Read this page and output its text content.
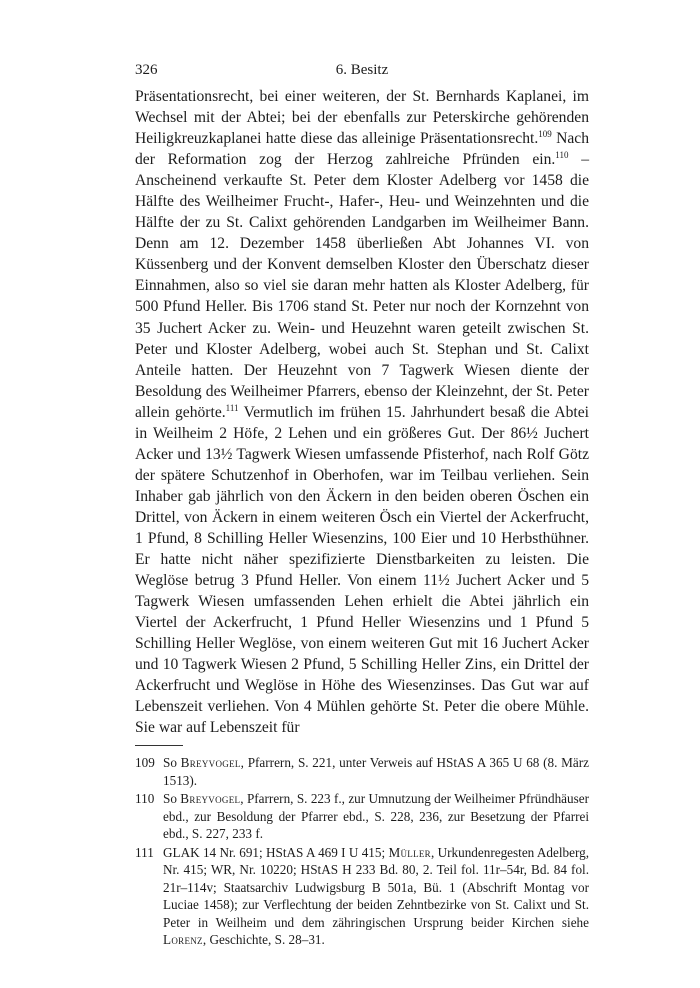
326	6. Besitz

Präsentationsrecht, bei einer weiteren, der St. Bernhards Kaplanei, im Wechsel mit der Abtei; bei der ebenfalls zur Peterskirche gehörenden Heiligkreuzkaplanei hatte diese das alleinige Präsentationsrecht.$^{109}$ Nach der Reformation zog der Herzog zahlreiche Pfründen ein.$^{110}$ – Anscheinend verkaufte St. Peter dem Kloster Adelberg vor 1458 die Hälfte des Weilheimer Frucht-, Hafer-, Heu- und Weinzehnten und die Hälfte der zu St. Calixt gehörenden Landgarben im Weilheimer Bann. Denn am 12. Dezember 1458 überließen Abt Johannes VI. von Küssenberg und der Konvent demselben Kloster den Überschatz dieser Einnahmen, also so viel sie daran mehr hatten als Kloster Adelberg, für 500 Pfund Heller. Bis 1706 stand St. Peter nur noch der Kornzehnt von 35 Juchert Acker zu. Wein- und Heuzehnt waren geteilt zwischen St. Peter und Kloster Adelberg, wobei auch St. Stephan und St. Calixt Anteile hatten. Der Heuzehnt von 7 Tagwerk Wiesen diente der Besoldung des Weilheimer Pfarrers, ebenso der Kleinzehnt, der St. Peter allein gehörte.$^{111}$ Vermutlich im frühen 15. Jahrhundert besaß die Abtei in Weilheim 2 Höfe, 2 Lehen und ein größeres Gut. Der 86½ Juchert Acker und 13½ Tagwerk Wiesen umfassende Pfisterhof, nach Rolf Götz der spätere Schutzenhof in Oberhofen, war im Teilbau verliehen. Sein Inhaber gab jährlich von den Äckern in den beiden oberen Öschen ein Drittel, von Äckern in einem weiteren Ösch ein Viertel der Ackerfrucht, 1 Pfund, 8 Schilling Heller Wiesenzins, 100 Eier und 10 Herbsthühner. Er hatte nicht näher spezifizierte Dienstbarkeiten zu leisten. Die Weglöse betrug 3 Pfund Heller. Von einem 11½ Juchert Acker und 5 Tagwerk Wiesen umfassenden Lehen erhielt die Abtei jährlich ein Viertel der Ackerfrucht, 1 Pfund Heller Wiesenzins und 1 Pfund 5 Schilling Heller Weglöse, von einem weiteren Gut mit 16 Juchert Acker und 10 Tagwerk Wiesen 2 Pfund, 5 Schilling Heller Zins, ein Drittel der Ackerfrucht und Weglöse in Höhe des Wiesenzinses. Das Gut war auf Lebenszeit verliehen. Von 4 Mühlen gehörte St. Peter die obere Mühle. Sie war auf Lebenszeit für

109 So Breyvogel, Pfarrern, S. 221, unter Verweis auf HStAS A 365 U 68 (8. März 1513).
110 So Breyvogel, Pfarrern, S. 223 f., zur Umnutzung der Weilheimer Pfründhäuser ebd., zur Besoldung der Pfarrer ebd., S. 228, 236, zur Besetzung der Pfarrei ebd., S. 227, 233 f.
111 GLAK 14 Nr. 691; HStAS A 469 I U 415; Müller, Urkundenregesten Adelberg, Nr. 415; WR, Nr. 10220; HStAS H 233 Bd. 80, 2. Teil fol. 11r–54r, Bd. 84 fol. 21r–114v; Staatsarchiv Ludwigsburg B 501a, Bü. 1 (Abschrift Montag vor Luciae 1458); zur Verflechtung der beiden Zehntbezirke von St. Calixt und St. Peter in Weilheim und dem zähringischen Ursprung beider Kirchen siehe Lorenz, Geschichte, S. 28–31.
